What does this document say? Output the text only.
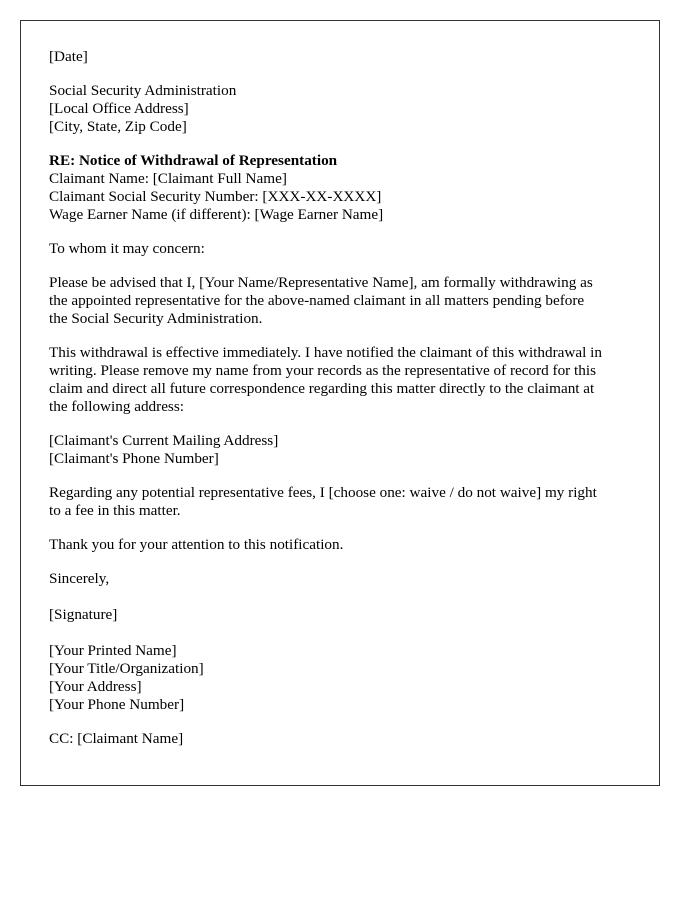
[Date]
Social Security Administration
[Local Office Address]
[City, State, Zip Code]
RE: Notice of Withdrawal of Representation
Claimant Name: [Claimant Full Name]
Claimant Social Security Number: [XXX-XX-XXXX]
Wage Earner Name (if different): [Wage Earner Name]
To whom it may concern:
Please be advised that I, [Your Name/Representative Name], am formally withdrawing as
the appointed representative for the above-named claimant in all matters pending before
the Social Security Administration.
This withdrawal is effective immediately. I have notified the claimant of this withdrawal in
writing. Please remove my name from your records as the representative of record for this
claim and direct all future correspondence regarding this matter directly to the claimant at
the following address:
[Claimant's Current Mailing Address]
[Claimant's Phone Number]
Regarding any potential representative fees, I [choose one: waive / do not waive] my right
to a fee in this matter.
Thank you for your attention to this notification.
Sincerely,
[Signature]
[Your Printed Name]
[Your Title/Organization]
[Your Address]
[Your Phone Number]
CC: [Claimant Name]
